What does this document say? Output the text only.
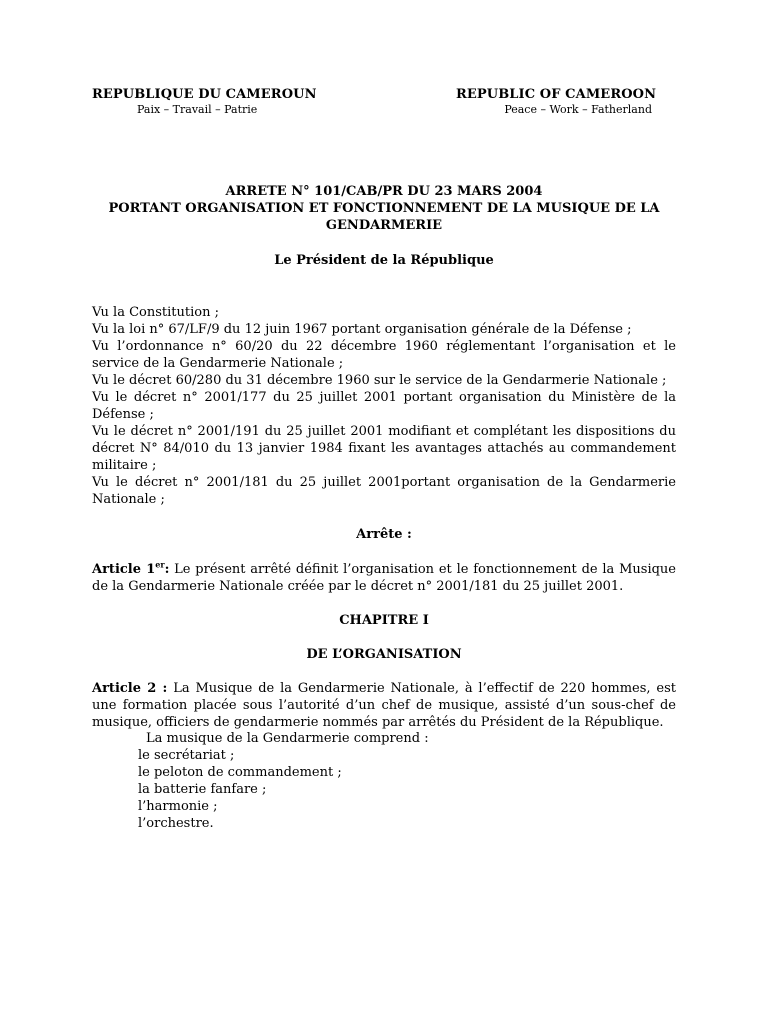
REPUBLIQUE DU CAMEROUN
Paix – Travail – Patrie
REPUBLIC OF CAMEROON
Peace – Work – Fatherland
ARRETE N° 101/CAB/PR DU 23 MARS 2004
PORTANT ORGANISATION ET FONCTIONNEMENT DE LA MUSIQUE DE LA GENDARMERIE
Le Président de la République

Vu la Constitution ;

Vu la loi n° 67/LF/9 du 12 juin 1967 portant organisation générale de la Défense ;

Vu l’ordonnance n° 60/20 du 22 décembre 1960 réglementant l’organisation et le service de la Gendarmerie Nationale ;

Vu le décret 60/280 du 31 décembre 1960 sur le service de la Gendarmerie Nationale ;

Vu le décret n° 2001/177 du 25 juillet 2001 portant organisation du Ministère de la Défense ;

Vu le décret n° 2001/191 du 25 juillet 2001 modifiant et complétant les dispositions du décret N° 84/010 du 13 janvier 1984 fixant les avantages attachés au commandement militaire ;

Vu le décret n° 2001/181 du 25 juillet 2001portant organisation de la Gendarmerie Nationale ;

Arrête :

Article 1er: Le présent arrêté définit l’organisation et le fonctionnement de la Musique de la Gendarmerie Nationale créée par le décret n° 2001/181 du 25 juillet 2001.

CHAPITRE I
DE L’ORGANISATION

Article 2 : La Musique de la Gendarmerie Nationale, à l’effectif de 220 hommes, est une formation placée sous l’autorité d’un chef de musique, assisté d’un sous-chef de musique, officiers de gendarmerie nommés par arrêtés du Président de la République.

La musique de la Gendarmerie comprend :
le secrétariat ;
le peloton de commandement ;
la batterie fanfare ;
l’harmonie ;
l’orchestre.
